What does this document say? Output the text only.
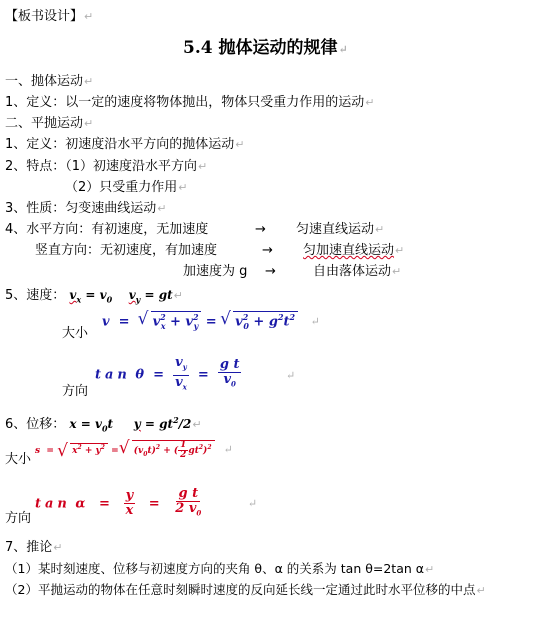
【板书设计】↵
5.4 抛体运动的规律↵
一、抛体运动↵
1、定义：以一定的速度将物体抛出，物体只受重力作用的运动↵
二、平抛运动↵
1、定义：初速度沿水平方向的抛体运动↵
2、特点：（1）初速度沿水平方向↵
（2）只受重力作用↵
3、性质：匀变速曲线运动↵
4、水平方向：有初速度，无加速度	→ 匀速直线运动↵
竖直方向：无初速度，有加速度	→ 匀加速直线运动↵
加速度为 g →	自由落体运动↵
5、速度： $v_x = v_0$ $v_y$ = gt↵
大小
v  =  √ $v^2_x + v^2_y$ = √ $v^2_0 + g^2t^2$ ↵
$\tan \theta = \frac{v_y}{v_x} = \frac{\text{g t}}{v_0}$	↵
方向
6、位移： $x = v_0t$ $y = gt^2/2↵$
大小
s  =  √ $x^2 + y^2$ = √ $(v_0t)^2$ + ( $\frac{1}{2} gt^2)^2$ ↵
$\tan \alpha = \frac{y}{x} = \frac{\text{g t}}{2 v_0}$	↵
方向
7、推论↵
（1）某时刻速度、位移与初速度方向的夹角 θ、α 的关系为 tan θ=2tan α↵
（2）平抛运动的物体在任意时刻瞬时速度的反向延长线一定通过此时水平位移的中点↵
